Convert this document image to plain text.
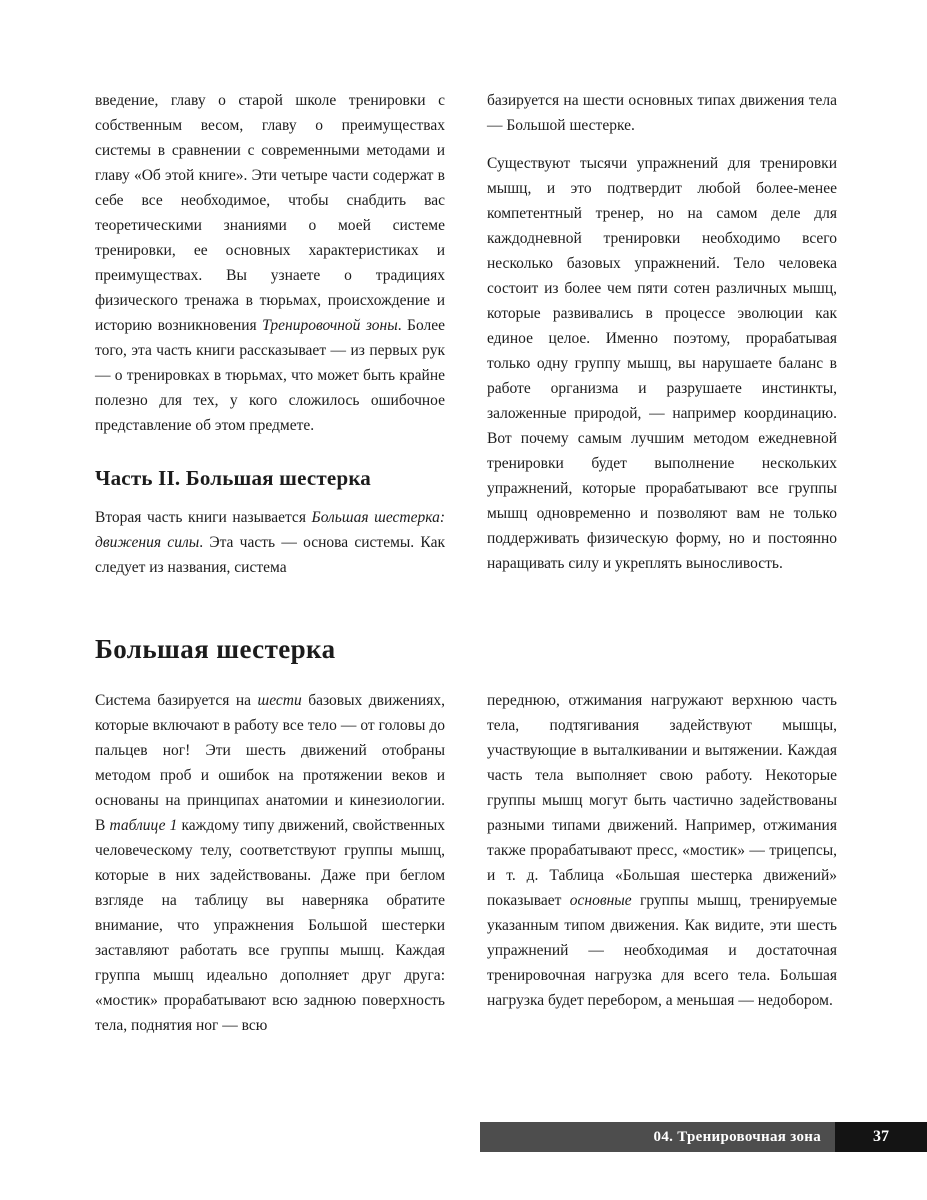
введение, главу о старой школе тренировки с собственным весом, главу о преимуществах системы в сравнении с современными методами и главу «Об этой книге». Эти четыре части содержат в себе все необходимое, чтобы снабдить вас теоретическими знаниями о моей системе тренировки, ее основных характеристиках и преимуществах. Вы узнаете о традициях физического тренажа в тюрьмах, происхождение и историю возникновения Тренировочной зоны. Более того, эта часть книги рассказывает — из первых рук — о тренировках в тюрьмах, что может быть крайне полезно для тех, у кого сложилось ошибочное представление об этом предмете.

Часть II. Большая шестерка

Вторая часть книги называется Большая шестерка: движения силы. Эта часть — основа системы. Как следует из названия, система

базируется на шести основных типах движения тела — Большой шестерке.

Существуют тысячи упражнений для тренировки мышц, и это подтвердит любой более-менее компетентный тренер, но на самом деле для каждодневной тренировки необходимо всего несколько базовых упражнений. Тело человека состоит из более чем пяти сотен различных мышц, которые развивались в процессе эволюции как единое целое. Именно поэтому, прорабатывая только одну группу мышц, вы нарушаете баланс в работе организма и разрушаете инстинкты, заложенные природой, — например координацию. Вот почему самым лучшим методом ежедневной тренировки будет выполнение нескольких упражнений, которые прорабатывают все группы мышц одновременно и позволяют вам не только поддерживать физическую форму, но и постоянно наращивать силу и укреплять выносливость.

Большая шестерка

Система базируется на шести базовых движениях, которые включают в работу все тело — от головы до пальцев ног! Эти шесть движений отобраны методом проб и ошибок на протяжении веков и основаны на принципах анатомии и кинезиологии. В таблице 1 каждому типу движений, свойственных человеческому телу, соответствуют группы мышц, которые в них задействованы. Даже при беглом взгляде на таблицу вы наверняка обратите внимание, что упражнения Большой шестерки заставляют работать все группы мышц. Каждая группа мышц идеально дополняет друг друга: «мостик» прорабатывают всю заднюю поверхность тела, поднятия ног — всю

переднюю, отжимания нагружают верхнюю часть тела, подтягивания задействуют мышцы, участвующие в выталкивании и вытяжении. Каждая часть тела выполняет свою работу. Некоторые группы мышц могут быть частично задействованы разными типами движений. Например, отжимания также прорабатывают пресс, «мостик» — трицепсы, и т. д. Таблица «Большая шестерка движений» показывает основные группы мышц, тренируемые указанным типом движения. Как видите, эти шесть упражнений — необходимая и достаточная тренировочная нагрузка для всего тела. Большая нагрузка будет перебором, а меньшая — недобором.

04. Тренировочная зона	37
